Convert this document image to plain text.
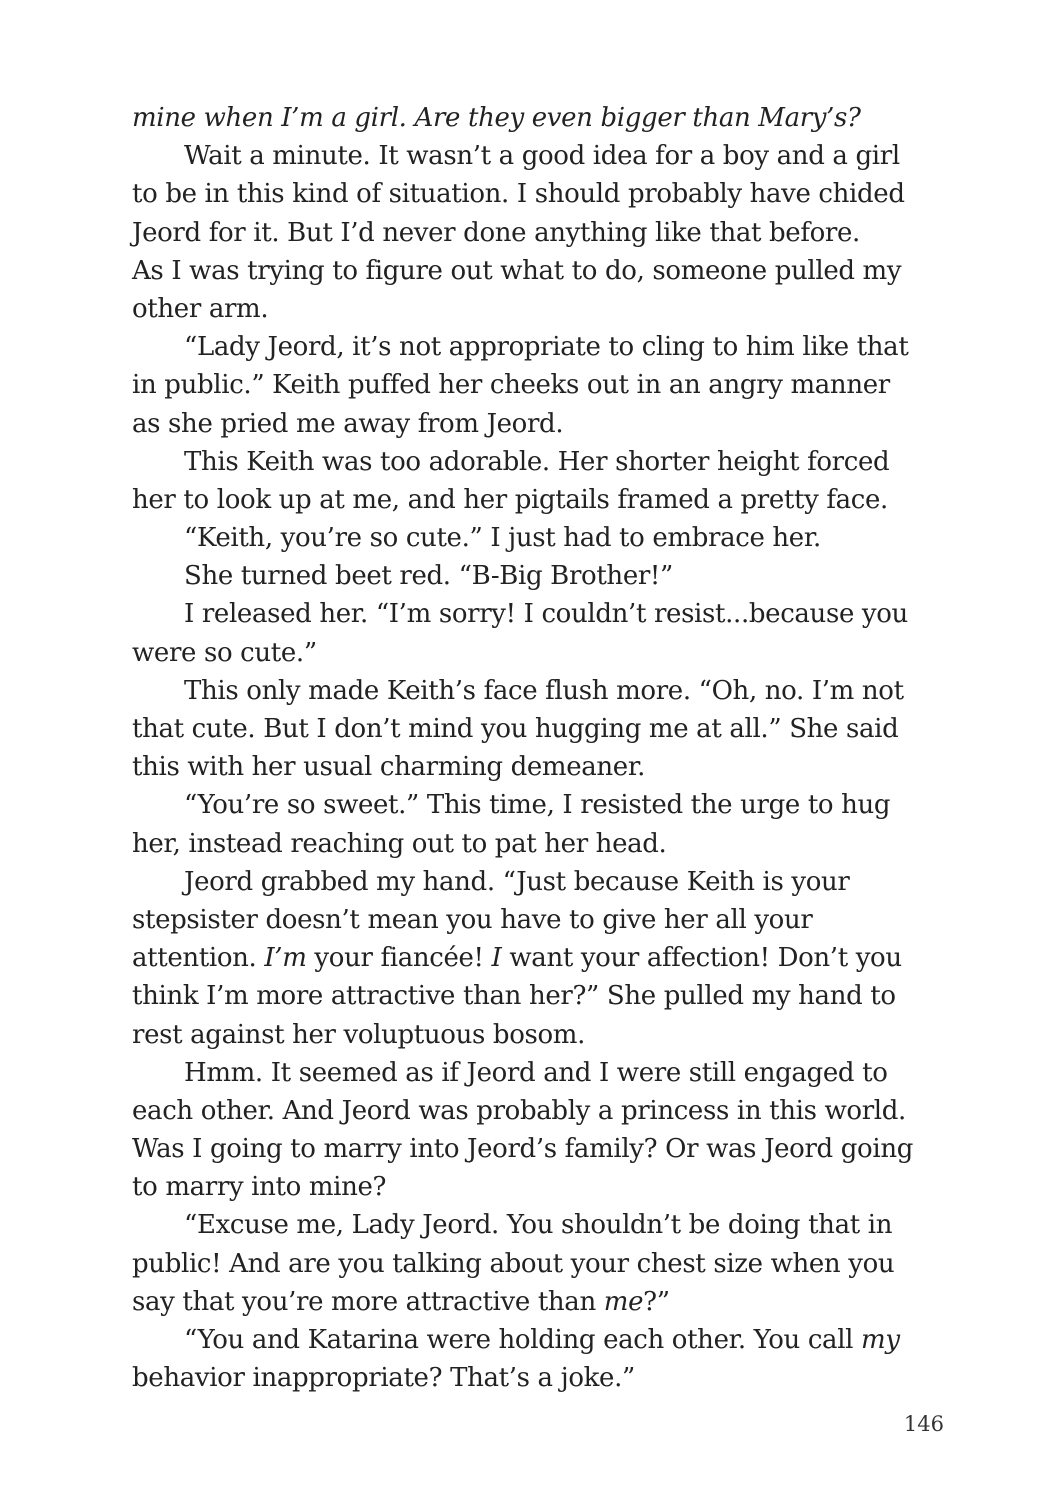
mine when I’m a girl. Are they even bigger than Mary’s?
Wait a minute. It wasn’t a good idea for a boy and a girl
to be in this kind of situation. I should probably have chided
Jeord for it. But I’d never done anything like that before.
As I was trying to figure out what to do, someone pulled my
other arm.
“Lady Jeord, it’s not appropriate to cling to him like that
in public.” Keith puffed her cheeks out in an angry manner
as she pried me away from Jeord.
This Keith was too adorable. Her shorter height forced
her to look up at me, and her pigtails framed a pretty face.
“Keith, you’re so cute.” I just had to embrace her.
She turned beet red. “B-Big Brother!”
I released her. “I’m sorry! I couldn’t resist...because you
were so cute.”
This only made Keith’s face flush more. “Oh, no. I’m not
that cute. But I don’t mind you hugging me at all.” She said
this with her usual charming demeaner.
“You’re so sweet.” This time, I resisted the urge to hug
her, instead reaching out to pat her head.
Jeord grabbed my hand. “Just because Keith is your
stepsister doesn’t mean you have to give her all your
attention. I’m your fiancée! I want your affection! Don’t you
think I’m more attractive than her?” She pulled my hand to
rest against her voluptuous bosom.
Hmm. It seemed as if Jeord and I were still engaged to
each other. And Jeord was probably a princess in this world.
Was I going to marry into Jeord’s family? Or was Jeord going
to marry into mine?
“Excuse me, Lady Jeord. You shouldn’t be doing that in
public! And are you talking about your chest size when you
say that you’re more attractive than me?”
“You and Katarina were holding each other. You call my
behavior inappropriate? That’s a joke.”
146
